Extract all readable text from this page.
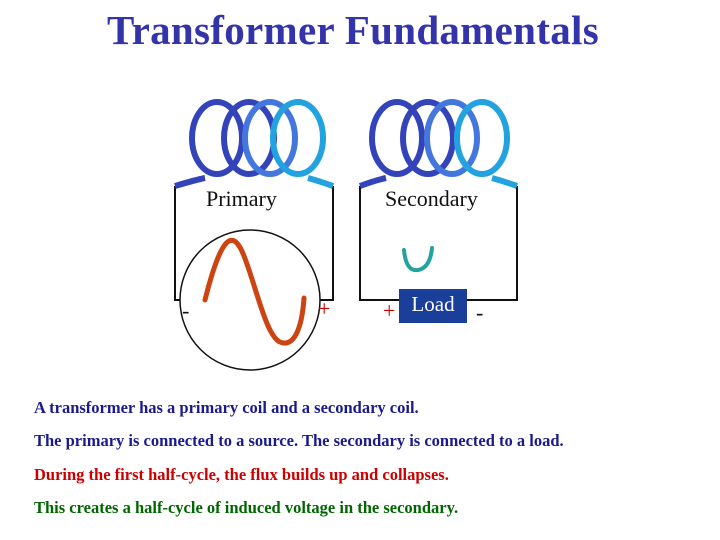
Transformer Fundamentals
Primary	Secondary
-	+ +	-
Load
A transformer has a primary coil and a secondary coil.
The primary is connected to a source. The secondary is connected to a load.
During the first half-cycle, the flux builds up and collapses.
This creates a half-cycle of induced voltage in the secondary.
